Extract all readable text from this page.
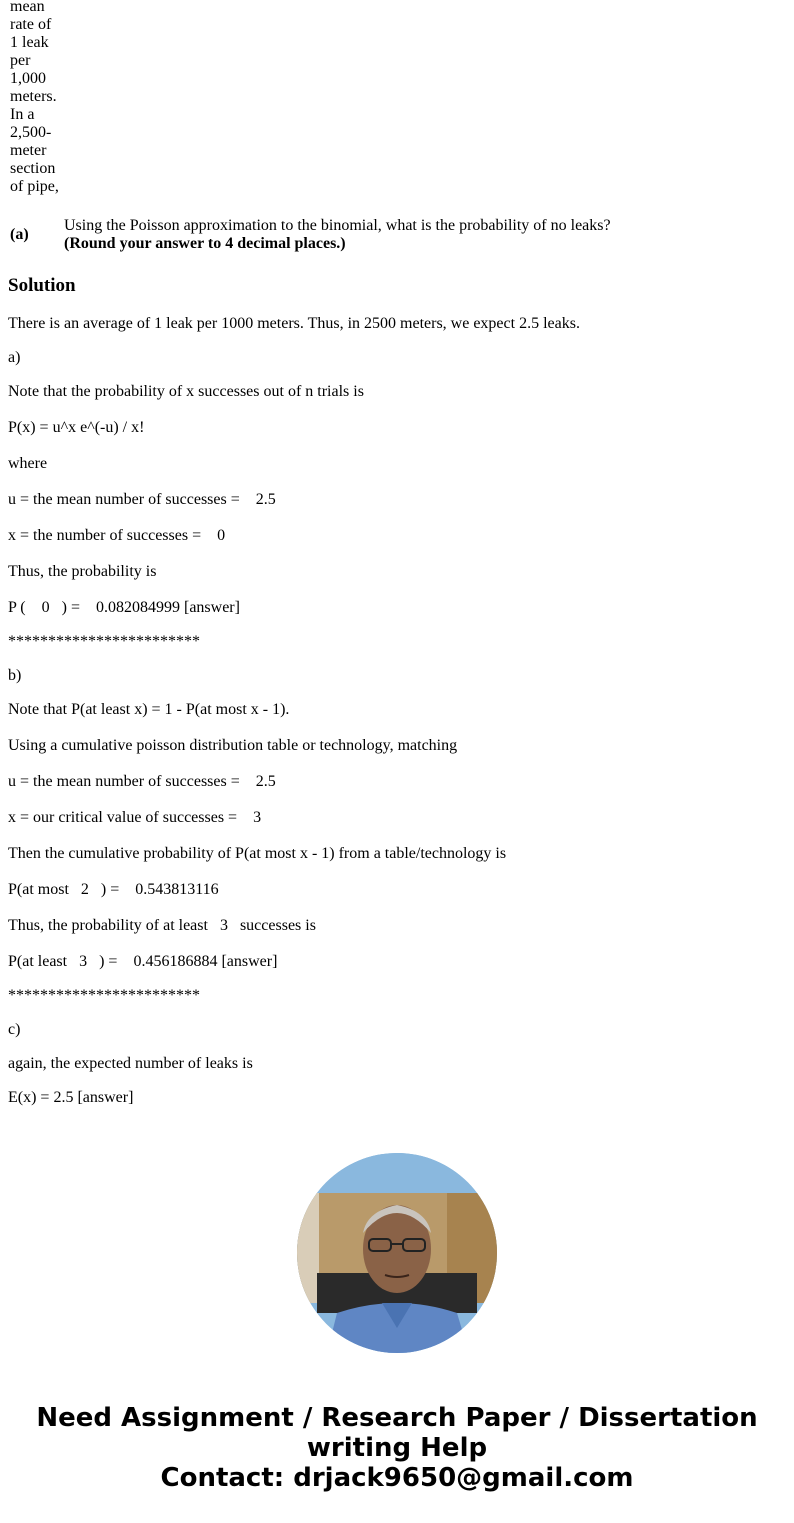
mean
rate of
1 leak
per
1,000
meters.
In a
2,500-
meter
section
of pipe,
(a)
Using the Poisson approximation to the binomial, what is the probability of no leaks?
(Round your answer to 4 decimal places.)
Solution
There is an average of 1 leak per 1000 meters. Thus, in 2500 meters, we expect 2.5 leaks.
a)
Note that the probability of x successes out of n trials is
P(x) = u^x e^(-u) / x!
where
u = the mean number of successes =    2.5
x = the number of successes =    0
Thus, the probability is
P (    0   ) =    0.082084999 [answer]
************************
b)
Note that P(at least x) = 1 - P(at most x - 1).
Using a cumulative poisson distribution table or technology, matching
u = the mean number of successes =    2.5
x = our critical value of successes =    3
Then the cumulative probability of P(at most x - 1) from a table/technology is
P(at most   2   ) =    0.543813116
Thus, the probability of at least   3   successes is
P(at least   3   ) =    0.456186884 [answer]
************************
c)
again, the expected number of leaks is
E(x) = 2.5 [answer]
Need Assignment / Research Paper / Dissertation
writing Help
Contact: drjack9650@gmail.com
